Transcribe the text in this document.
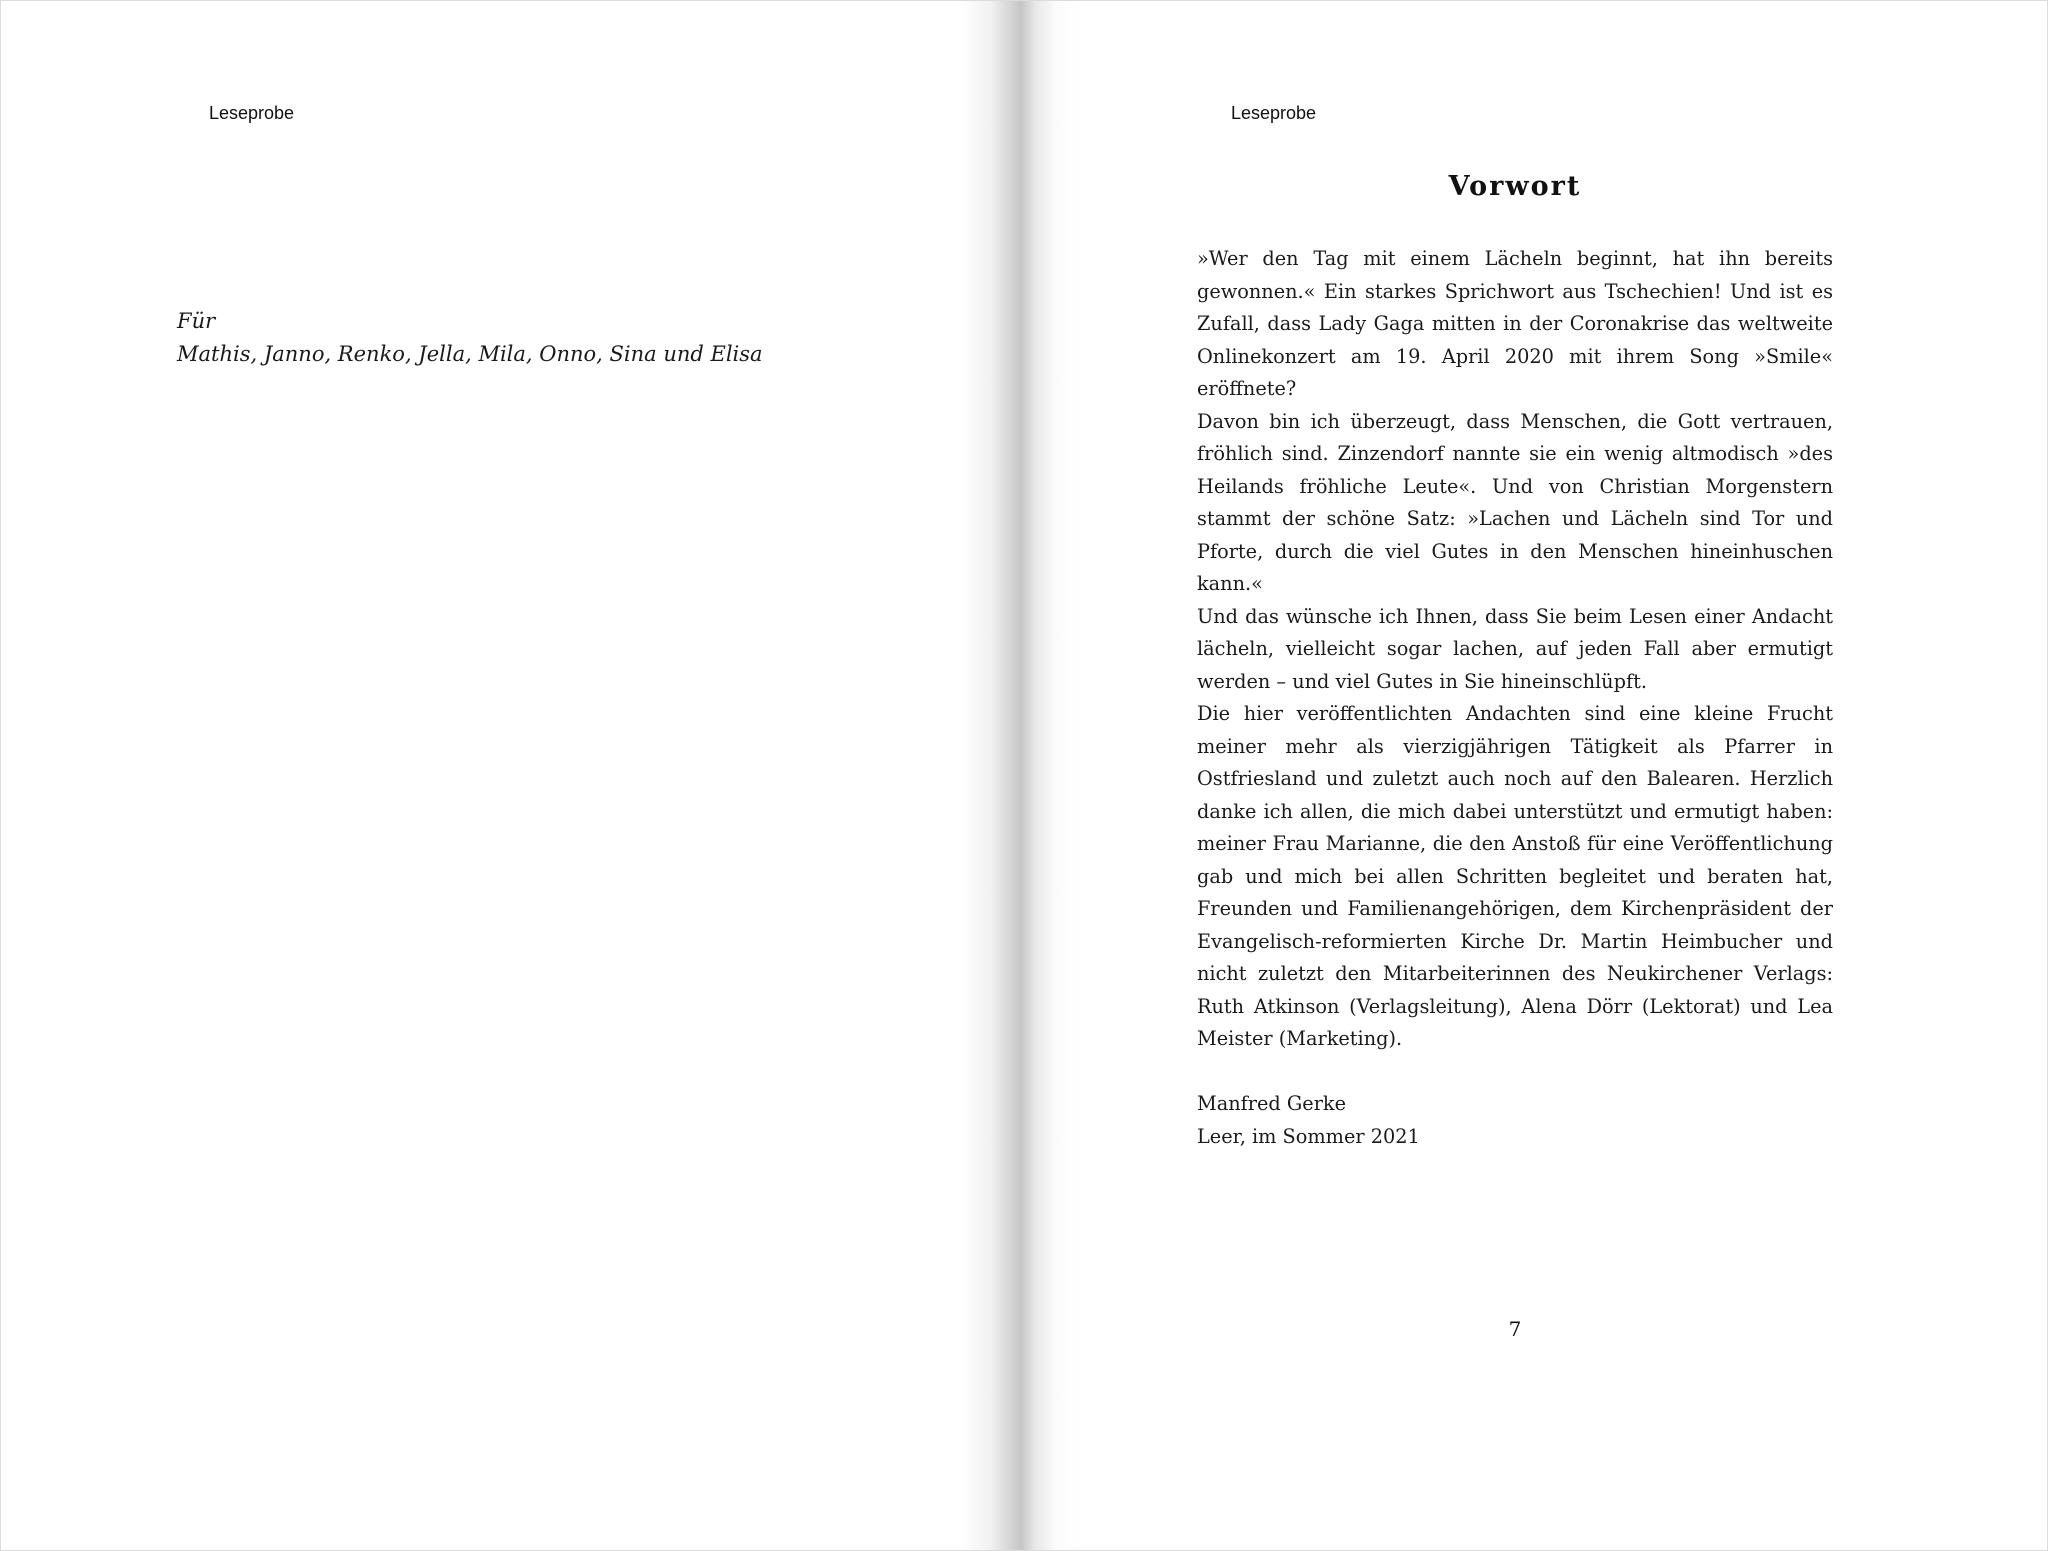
Leseprobe
Für
Mathis, Janno, Renko, Jella, Mila, Onno, Sina und Elisa
Leseprobe
Vorwort

»Wer den Tag mit einem Lächeln beginnt, hat ihn bereits gewonnen.« Ein starkes Sprichwort aus Tschechien! Und ist es Zufall, dass Lady Gaga mitten in der Coronakrise das weltweite Onlinekonzert am 19. April 2020 mit ihrem Song »Smile« eröffnete?

Davon bin ich überzeugt, dass Menschen, die Gott vertrauen, fröhlich sind. Zinzendorf nannte sie ein wenig altmodisch »des Heilands fröhliche Leute«. Und von Christian Morgenstern stammt der schöne Satz: »Lachen und Lächeln sind Tor und Pforte, durch die viel Gutes in den Menschen hineinhuschen kann.«

Und das wünsche ich Ihnen, dass Sie beim Lesen einer Andacht lächeln, vielleicht sogar lachen, auf jeden Fall aber ermutigt werden – und viel Gutes in Sie hineinschlüpft.

Die hier veröffentlichten Andachten sind eine kleine Frucht meiner mehr als vierzigjährigen Tätigkeit als Pfarrer in Ostfriesland und zuletzt auch noch auf den Balearen. Herzlich danke ich allen, die mich dabei unterstützt und ermutigt haben: meiner Frau Marianne, die den Anstoß für eine Veröffentlichung gab und mich bei allen Schritten begleitet und beraten hat, Freunden und Familienangehörigen, dem Kirchenpräsident der Evangelisch-reformierten Kirche Dr. Martin Heimbucher und nicht zuletzt den Mitarbeiterinnen des Neukirchener Verlags: Ruth Atkinson (Verlagsleitung), Alena Dörr (Lektorat) und Lea Meister (Marketing).

Manfred Gerke
Leer, im Sommer 2021
7
